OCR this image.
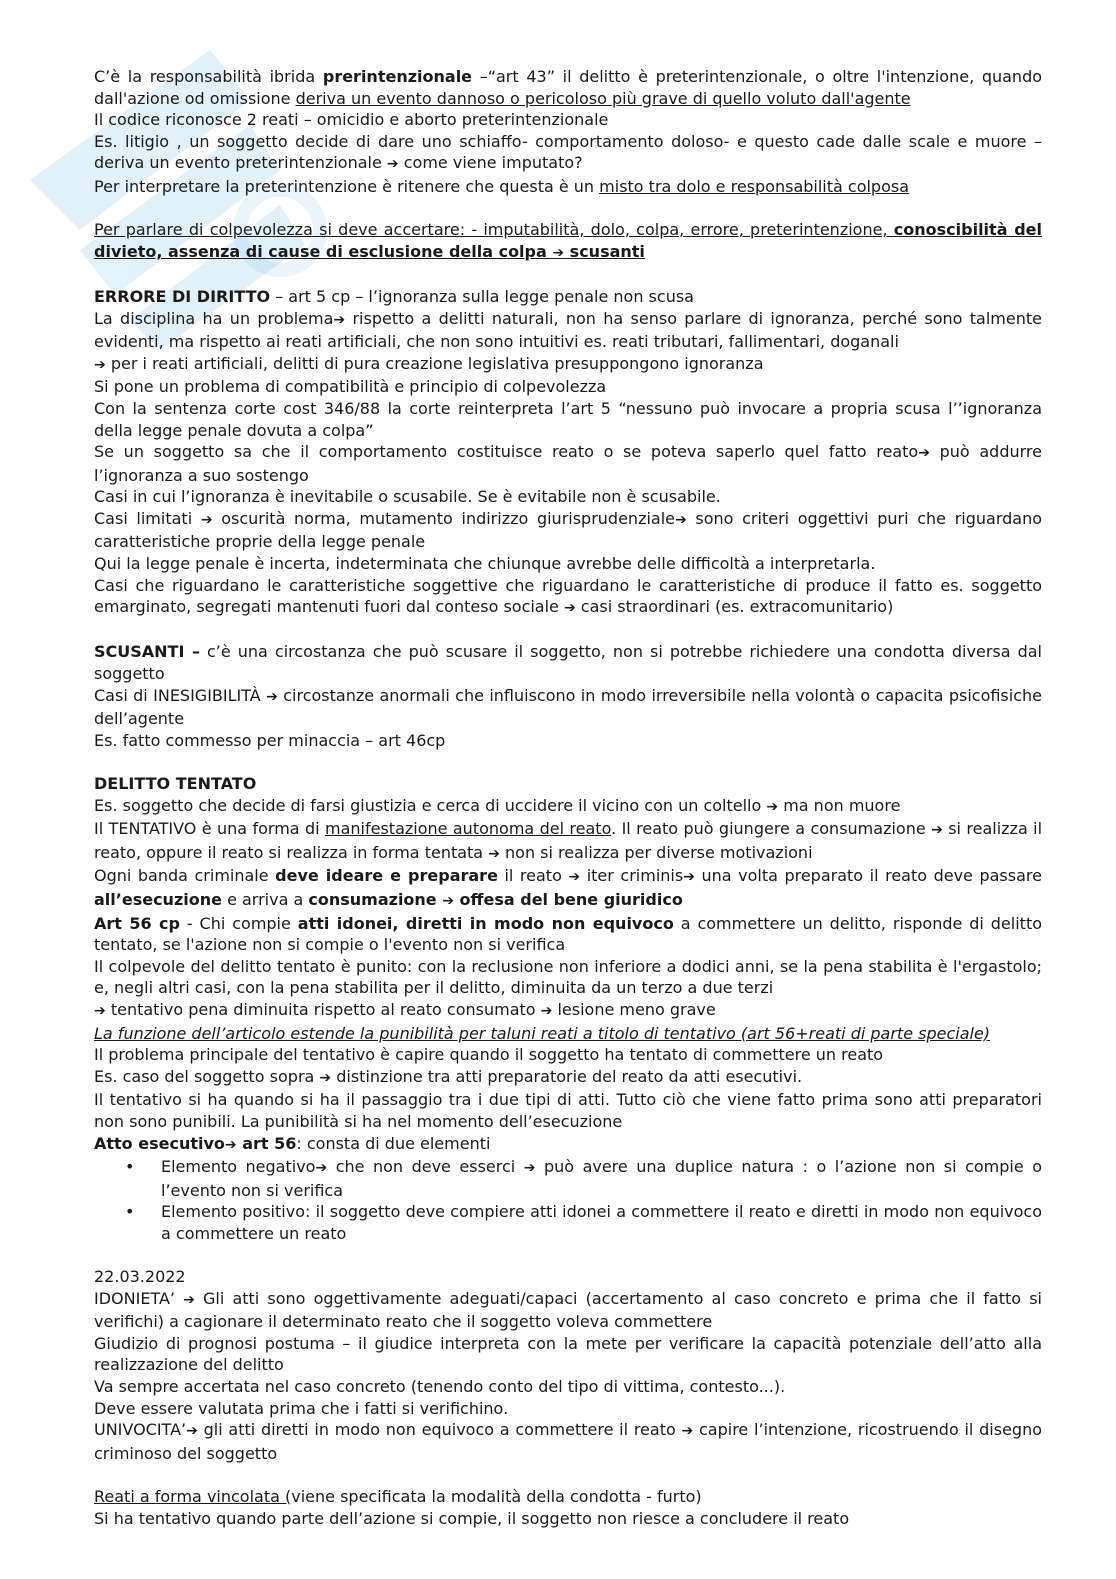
C’è la responsabilità ibrida prerintenzionale –“art 43” il delitto è preterintenzionale, o oltre l'intenzione, quando dall'azione od omissione deriva un evento dannoso o pericoloso più grave di quello voluto dall'agente

Il codice riconosce 2 reati – omicidio e aborto preterintenzionale

Es. litigio , un soggetto decide di dare uno schiaffo- comportamento doloso- e questo cade dalle scale e muore – deriva un evento preterintenzionale ➔ come viene imputato?

Per interpretare la preterintenzione è ritenere che questa è un misto tra dolo e responsabilità colposa

Per parlare di colpevolezza si deve accertare: - imputabilità, dolo, colpa, errore, preterintenzione, conoscibilità del divieto, assenza di cause di esclusione della colpa ➔ scusanti

ERRORE DI DIRITTO – art 5 cp – l’ignoranza sulla legge penale non scusa

La disciplina ha un problema➔ rispetto a delitti naturali, non ha senso parlare di ignoranza, perché sono talmente evidenti, ma rispetto ai reati artificiali, che non sono intuitivi es. reati tributari, fallimentari, doganali

➔ per i reati artificiali, delitti di pura creazione legislativa presuppongono ignoranza

Si pone un problema di compatibilità e principio di colpevolezza

Con la sentenza corte cost 346/88 la corte reinterpreta l’art 5 “nessuno può invocare a propria scusa l’’ignoranza della legge penale dovuta a colpa”

Se un soggetto sa che il comportamento costituisce reato o se poteva saperlo quel fatto reato➔ può addurre l’ignoranza a suo sostengo

Casi in cui l’ignoranza è inevitabile o scusabile. Se è evitabile non è scusabile.

Casi limitati ➔ oscurità norma, mutamento indirizzo giurisprudenziale➔ sono criteri oggettivi puri che riguardano caratteristiche proprie della legge penale

Qui la legge penale è incerta, indeterminata che chiunque avrebbe delle difficoltà a interpretarla.

Casi che riguardano le caratteristiche soggettive che riguardano le caratteristiche di produce il fatto es. soggetto emarginato, segregati mantenuti fuori dal conteso sociale ➔ casi straordinari (es. extracomunitario)

SCUSANTI – c’è una circostanza che può scusare il soggetto, non si potrebbe richiedere una condotta diversa dal soggetto

Casi di INESIGIBILITÀ ➔ circostanze anormali che influiscono in modo irreversibile nella volontà o capacita psicofisiche dell’agente

Es. fatto commesso per minaccia – art 46cp

DELITTO TENTATO

Es. soggetto che decide di farsi giustizia e cerca di uccidere il vicino con un coltello ➔ ma non muore

Il TENTATIVO è una forma di manifestazione autonoma del reato. Il reato può giungere a consumazione ➔ si realizza il reato, oppure il reato si realizza in forma tentata ➔ non si realizza per diverse motivazioni

Ogni banda criminale deve ideare e preparare il reato ➔ iter criminis➔ una volta preparato il reato deve passare all’esecuzione e arriva a consumazione ➔ offesa del bene giuridico

Art 56 cp - Chi compie atti idonei, diretti in modo non equivoco a commettere un delitto, risponde di delitto tentato, se l'azione non si compie o l'evento non si verifica

Il colpevole del delitto tentato è punito: con la reclusione non inferiore a dodici anni, se la pena stabilita è l'ergastolo; e, negli altri casi, con la pena stabilita per il delitto, diminuita da un terzo a due terzi

➔ tentativo pena diminuita rispetto al reato consumato ➔ lesione meno grave

La funzione dell’articolo estende la punibilità per taluni reati a titolo di tentativo (art 56+reati di parte speciale)

Il problema principale del tentativo è capire quando il soggetto ha tentato di commettere un reato

Es. caso del soggetto sopra ➔ distinzione tra atti preparatorie del reato da atti esecutivi.

Il tentativo si ha quando si ha il passaggio tra i due tipi di atti. Tutto ciò che viene fatto prima sono atti preparatori non sono punibili. La punibilità si ha nel momento dell’esecuzione

Atto esecutivo➔ art 56: consta di due elementi

• Elemento negativo➔ che non deve esserci ➔ può avere una duplice natura : o l’azione non si compie o l’evento non si verifica
• Elemento positivo: il soggetto deve compiere atti idonei a commettere il reato e diretti in modo non equivoco a commettere un reato

22.03.2022

IDONIETA’ ➔ Gli atti sono oggettivamente adeguati/capaci (accertamento al caso concreto e prima che il fatto si verifichi) a cagionare il determinato reato che il soggetto voleva commettere

Giudizio di prognosi postuma – il giudice interpreta con la mete per verificare la capacità potenziale dell’atto alla realizzazione del delitto

Va sempre accertata nel caso concreto (tenendo conto del tipo di vittima, contesto...).

Deve essere valutata prima che i fatti si verifichino.

UNIVOCITA’➔ gli atti diretti in modo non equivoco a commettere il reato ➔ capire l’intenzione, ricostruendo il disegno criminoso del soggetto

Reati a forma vincolata (viene specificata la modalità della condotta - furto)

Si ha tentativo quando parte dell’azione si compie, il soggetto non riesce a concludere il reato
